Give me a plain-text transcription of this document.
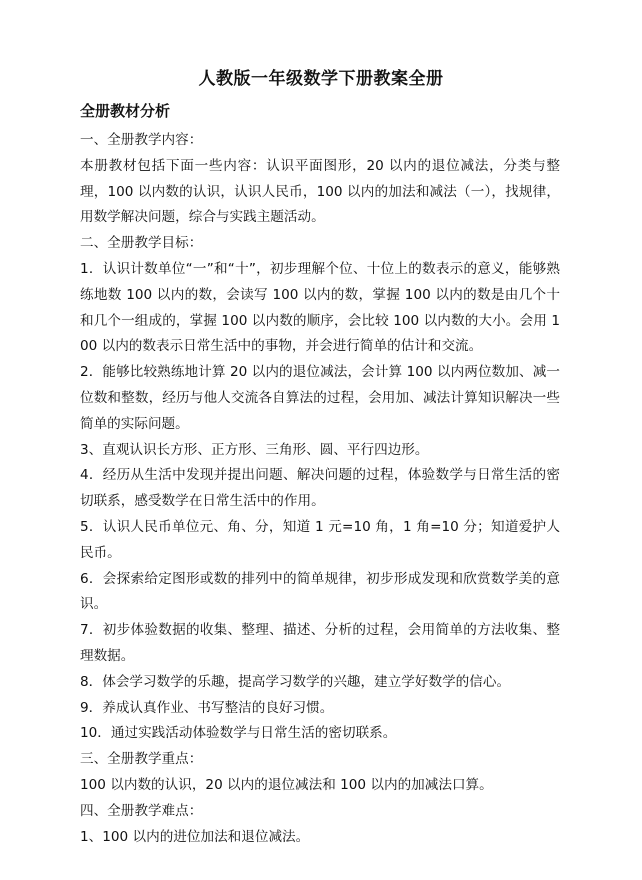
人教版一年级数学下册教案全册
全册教材分析

一、全册教学内容：

本册教材包括下面一些内容：认识平面图形，20 以内的退位减法，分类与整理，100 以内数的认识，认识人民币，100 以内的加法和减法（一），找规律，用数学解决问题，综合与实践主题活动。

二、全册教学目标：

1．认识计数单位“一”和“十”，初步理解个位、十位上的数表示的意义，能够熟练地数 100 以内的数，会读写 100 以内的数，掌握 100 以内的数是由几个十和几个一组成的，掌握 100 以内数的顺序，会比较 100 以内数的大小。会用 100 以内的数表示日常生活中的事物，并会进行简单的估计和交流。

2．能够比较熟练地计算 20 以内的退位减法，会计算 100 以内两位数加、减一位数和整数，经历与他人交流各自算法的过程，会用加、减法计算知识解决一些简单的实际问题。

3、直观认识长方形、正方形、三角形、圆、平行四边形。

4．经历从生活中发现并提出问题、解决问题的过程，体验数学与日常生活的密切联系，感受数学在日常生活中的作用。

5．认识人民币单位元、角、分，知道 1 元=10 角，1 角=10 分；知道爱护人民币。

6．会探索给定图形或数的排列中的简单规律，初步形成发现和欣赏数学美的意识。

7．初步体验数据的收集、整理、描述、分析的过程，会用简单的方法收集、整理数据。

8．体会学习数学的乐趣，提高学习数学的兴趣，建立学好数学的信心。

9．养成认真作业、书写整洁的良好习惯。

10．通过实践活动体验数学与日常生活的密切联系。

三、全册教学重点：

100 以内数的认识，20 以内的退位减法和 100 以内的加减法口算。

四、全册教学难点：

1、100 以内的进位加法和退位减法。
